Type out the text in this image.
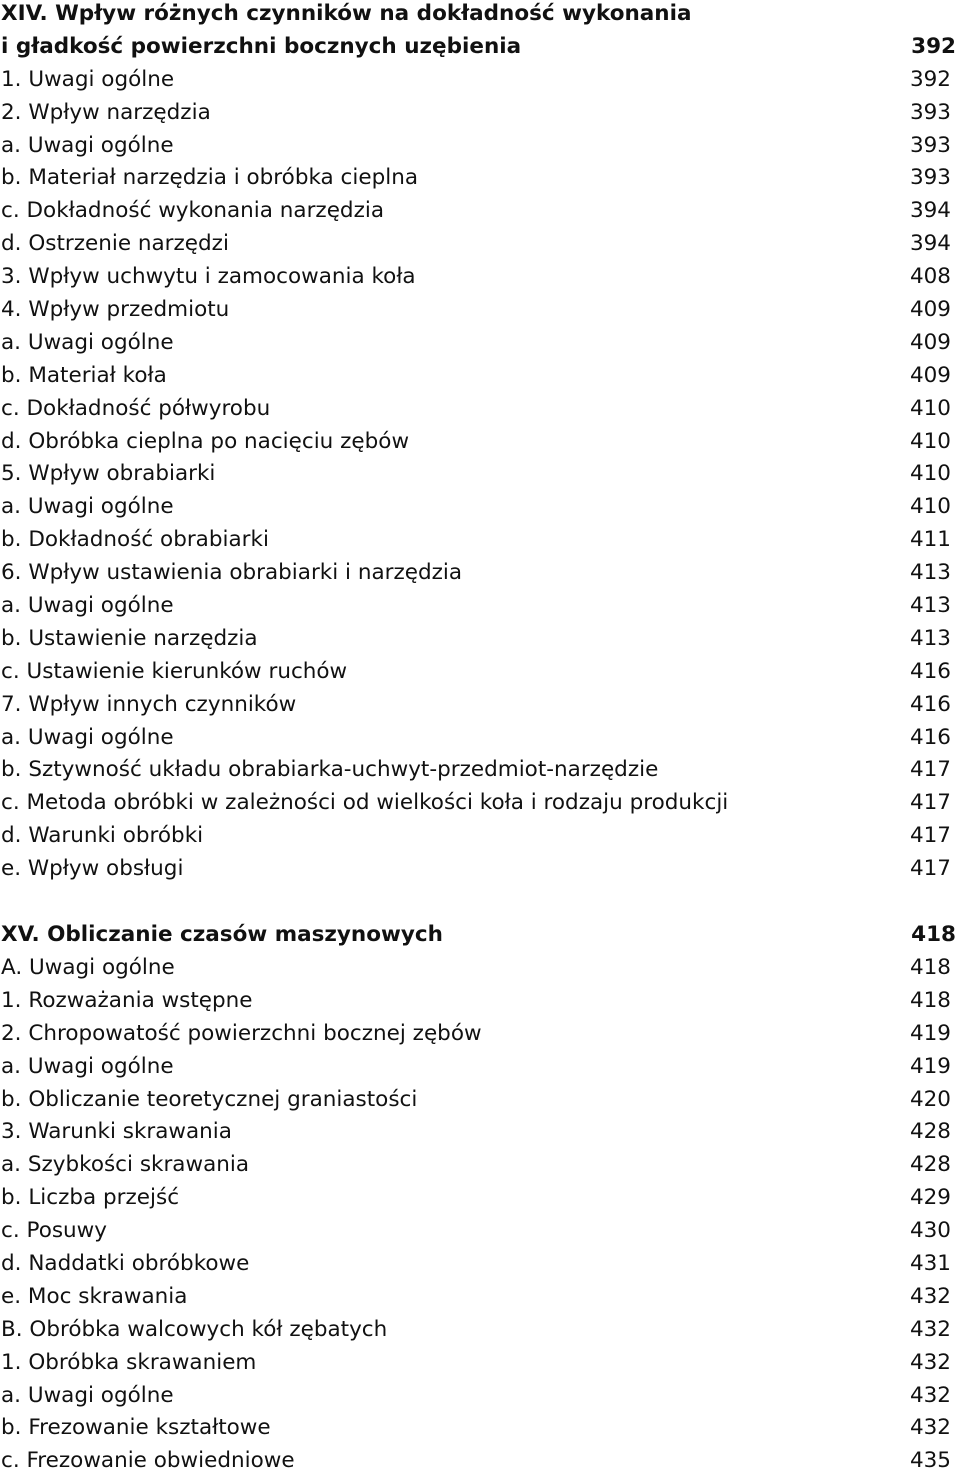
XIV. Wpływ różnych czynników na dokładność wykonania
i gładkość powierzchni bocznych uzębienia	392
1. Uwagi ogólne	392
2. Wpływ narzędzia	393
a. Uwagi ogólne	393
b. Materiał narzędzia i obróbka cieplna	393
c. Dokładność wykonania narzędzia	394
d. Ostrzenie narzędzi	394
3. Wpływ uchwytu i zamocowania koła	408
4. Wpływ przedmiotu	409
a. Uwagi ogólne	409
b. Materiał koła	409
c. Dokładność półwyrobu	410
d. Obróbka cieplna po nacięciu zębów	410
5. Wpływ obrabiarki	410
a. Uwagi ogólne	410
b. Dokładność obrabiarki	411
6. Wpływ ustawienia obrabiarki i narzędzia	413
a. Uwagi ogólne	413
b. Ustawienie narzędzia	413
c. Ustawienie kierunków ruchów	416
7. Wpływ innych czynników	416
a. Uwagi ogólne	416
b. Sztywność układu obrabiarka-uchwyt-przedmiot-narzędzie	417
c. Metoda obróbki w zależności od wielkości koła i rodzaju produkcji	417
d. Warunki obróbki	417
e. Wpływ obsługi	417
XV. Obliczanie czasów maszynowych	418
A. Uwagi ogólne	418
1. Rozważania wstępne	418
2. Chropowatość powierzchni bocznej zębów	419
a. Uwagi ogólne	419
b. Obliczanie teoretycznej graniastości	420
3. Warunki skrawania	428
a. Szybkości skrawania	428
b. Liczba przejść	429
c. Posuwy	430
d. Naddatki obróbkowe	431
e. Moc skrawania	432
B. Obróbka walcowych kół zębatych	432
1. Obróbka skrawaniem	432
a. Uwagi ogólne	432
b. Frezowanie kształtowe	432
c. Frezowanie obwiedniowe	435
